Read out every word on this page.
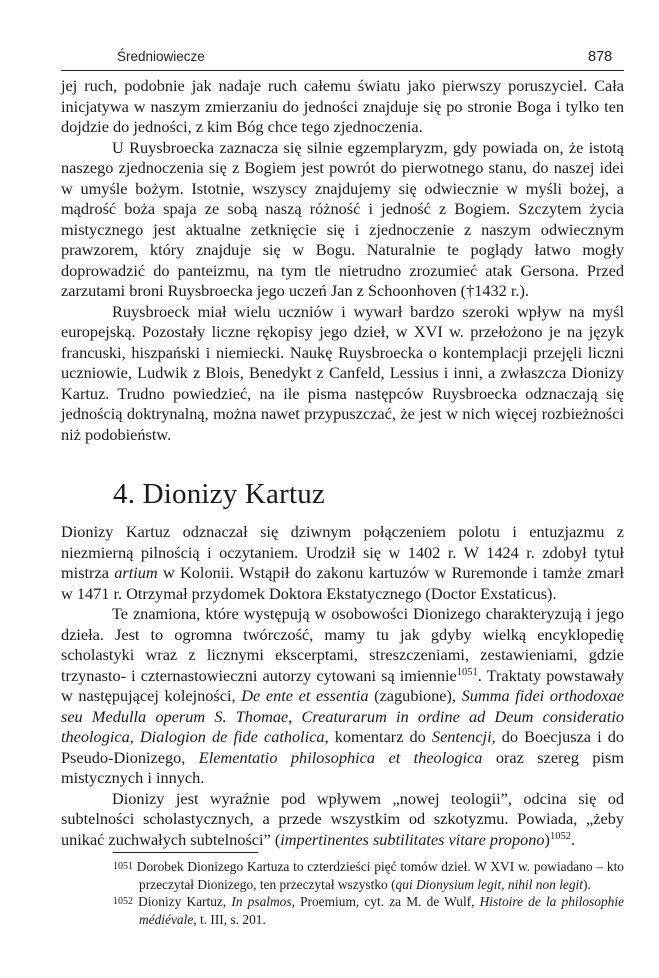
Średniowiecze	878

jej ruch, podobnie jak nadaje ruch całemu światu jako pierwszy poruszyciel. Cała inicjatywa w naszym zmierzaniu do jedności znajduje się po stronie Boga i tylko ten dojdzie do jedności, z kim Bóg chce tego zjednoczenia.

U Ruysbroecka zaznacza się silnie egzemplaryzm, gdy powiada on, że istotą naszego zjednoczenia się z Bogiem jest powrót do pierwotnego stanu, do naszej idei w umyśle bożym. Istotnie, wszyscy znajdujemy się odwiecznie w myśli bożej, a mądrość boża spaja ze sobą naszą różność i jedność z Bogiem. Szczytem życia mistycznego jest aktualne zetknięcie się i zjednoczenie z naszym odwiecznym prawzorem, który znajduje się w Bogu. Naturalnie te poglądy łatwo mogły doprowadzić do panteizmu, na tym tle nietrudno zrozumieć atak Gersona. Przed zarzutami broni Ruysbroecka jego uczeń Jan z Schoonhoven (†1432 r.).

Ruysbroeck miał wielu uczniów i wywarł bardzo szeroki wpływ na myśl europejską. Pozostały liczne rękopisy jego dzieł, w XVI w. przełożono je na język francuski, hiszpański i niemiecki. Naukę Ruysbroecka o kontemplacji przejęli liczni uczniowie, Ludwik z Blois, Benedykt z Canfeld, Lessius i inni, a zwłaszcza Dionizy Kartuz. Trudno powiedzieć, na ile pisma następców Ruysbroecka odznaczają się jednością doktrynalną, można nawet przypuszczać, że jest w nich więcej rozbieżności niż podobieństw.

4. Dionizy Kartuz

Dionizy Kartuz odznaczał się dziwnym połączeniem polotu i entuzjazmu z niezmierną pilnością i oczytaniem. Urodził się w 1402 r. W 1424 r. zdobył tytuł mistrza artium w Kolonii. Wstąpił do zakonu kartuzów w Ruremonde i tamże zmarł w 1471 r. Otrzymał przydomek Doktora Ekstatycznego (Doctor Exstaticus).

Te znamiona, które występują w osobowości Dionizego charakteryzują i jego dzieła. Jest to ogromna twórczość, mamy tu jak gdyby wielką encyklopedię scholastyki wraz z licznymi ekscerptami, streszczeniami, zestawieniami, gdzie trzynasto- i czternastowieczni autorzy cytowani są imiennie$^{1051}$. Traktaty powstawały w następującej kolejności, De ente et essentia (zagubione), Summa fidei orthodoxae seu Medulla operum S. Thomae, Creaturarum in ordine ad Deum consideratio theologica, Dialogion de fide catholica, komentarz do Sentencji, do Boecjusza i do Pseudo-Dionizego, Elementatio philosophica et theologica oraz szereg pism mistycznych i innych.

Dionizy jest wyraźnie pod wpływem „nowej teologii”, odcina się od subtelności scholastycznych, a przede wszystkim od szkotyzmu. Powiada, „żeby unikać zuchwałych subtelności” (impertinentes subtilitates vitare propono)$^{1052}$.

1051 Dorobek Dionizego Kartuza to czterdzieści pięć tomów dzieł. W XVI w. powiadano – kto przeczytał Dionizego, ten przeczytał wszystko (qui Dionysium legit, nihil non legit).

1052 Dionizy Kartuz, In psalmos, Proemium, cyt. za M. de Wulf, Histoire de la philosophie médiévale, t. III, s. 201.
